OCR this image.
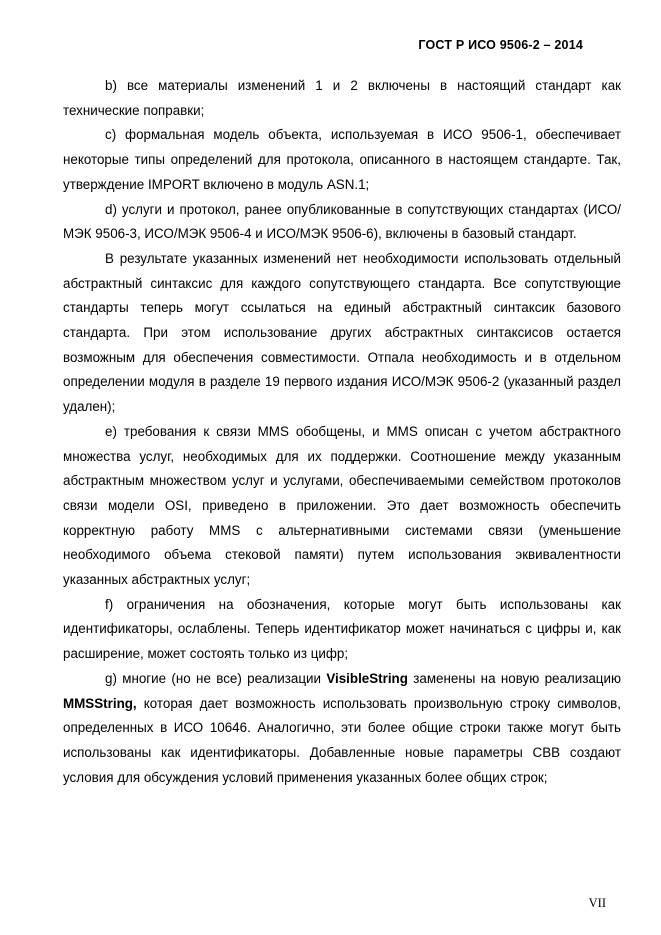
ГОСТ Р ИСО 9506-2 – 2014

b) все материалы изменений 1 и 2 включены в настоящий стандарт как технические поправки;

c) формальная модель объекта, используемая в ИСО 9506-1, обеспечивает некоторые типы определений для протокола, описанного в настоящем стандарте. Так, утверждение IMPORT включено в модуль ASN.1;

d) услуги и протокол, ранее опубликованные в сопутствующих стандартах (ИСО/МЭК 9506-3, ИСО/МЭК 9506-4 и ИСО/МЭК 9506-6), включены в базовый стандарт.

В результате указанных изменений нет необходимости использовать отдельный абстрактный синтаксис для каждого сопутствующего стандарта. Все сопутствующие стандарты теперь могут ссылаться на единый абстрактный синтаксик базового стандарта. При этом использование других абстрактных синтаксисов остается возможным для обеспечения совместимости. Отпала необходимость и в отдельном определении модуля в разделе 19 первого издания ИСО/МЭК 9506-2 (указанный раздел удален);

e) требования к связи MMS обобщены, и MMS описан с учетом абстрактного множества услуг, необходимых для их поддержки. Соотношение между указанным абстрактным множеством услуг и услугами, обеспечиваемыми семейством протоколов связи модели OSI, приведено в приложении. Это дает возможность обеспечить корректную работу MMS с альтернативными системами связи (уменьшение необходимого объема стековой памяти) путем использования эквивалентности указанных абстрактных услуг;

f) ограничения на обозначения, которые могут быть использованы как идентификаторы, ослаблены. Теперь идентификатор может начинаться с цифры и, как расширение, может состоять только из цифр;

g) многие (но не все) реализации VisibleString заменены на новую реализацию MMSString, которая дает возможность использовать произвольную строку символов, определенных в ИСО 10646. Аналогично, эти более общие строки также могут быть использованы как идентификаторы. Добавленные новые параметры CBB создают условия для обсуждения условий применения указанных более общих строк;

VII
